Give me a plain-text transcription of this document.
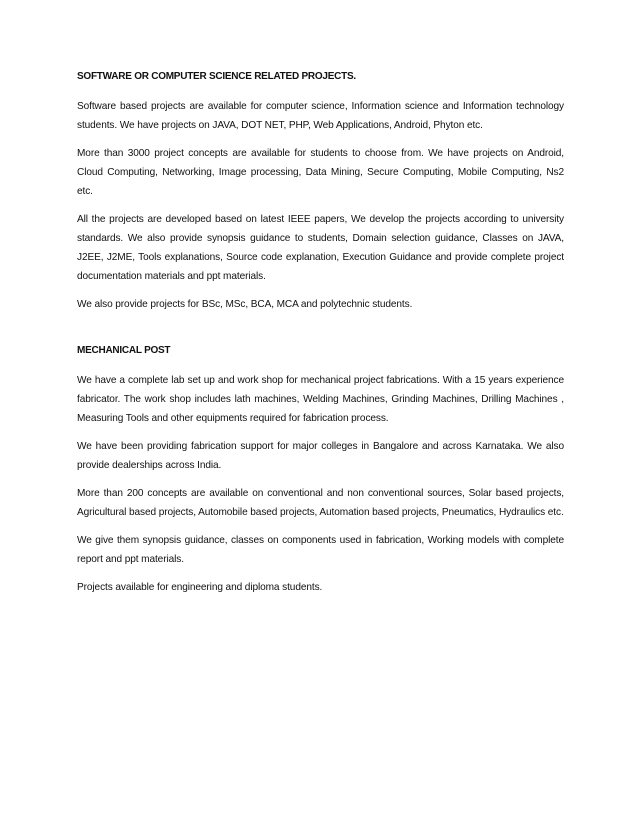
SOFTWARE OR COMPUTER SCIENCE RELATED PROJECTS.

Software based projects are available for computer science, Information science and Information technology students. We have projects on JAVA, DOT NET, PHP, Web Applications, Android, Phyton etc.

More than 3000 project concepts are available for students to choose from. We have projects on Android, Cloud Computing, Networking, Image processing, Data Mining, Secure Computing, Mobile Computing, Ns2 etc.

All the projects are developed based on latest IEEE papers, We develop the projects according to university standards. We also provide synopsis guidance to students, Domain selection guidance, Classes on JAVA, J2EE, J2ME, Tools explanations, Source code explanation, Execution Guidance and provide complete project documentation materials and ppt materials.

We also provide projects for BSc, MSc, BCA, MCA and polytechnic students.

MECHANICAL POST

We have a complete lab set up and work shop for mechanical project fabrications. With a 15 years experience fabricator. The work shop includes lath machines, Welding Machines, Grinding Machines, Drilling Machines , Measuring Tools and other equipments required for fabrication process.

We have been providing fabrication support for major colleges in Bangalore and across Karnataka. We also provide dealerships across India.

More than 200 concepts are available on conventional and non conventional sources, Solar based projects, Agricultural based projects, Automobile based projects, Automation based projects, Pneumatics, Hydraulics etc.

We give them synopsis guidance, classes on components used in fabrication, Working models with complete report and ppt materials.

Projects available for engineering and diploma students.
